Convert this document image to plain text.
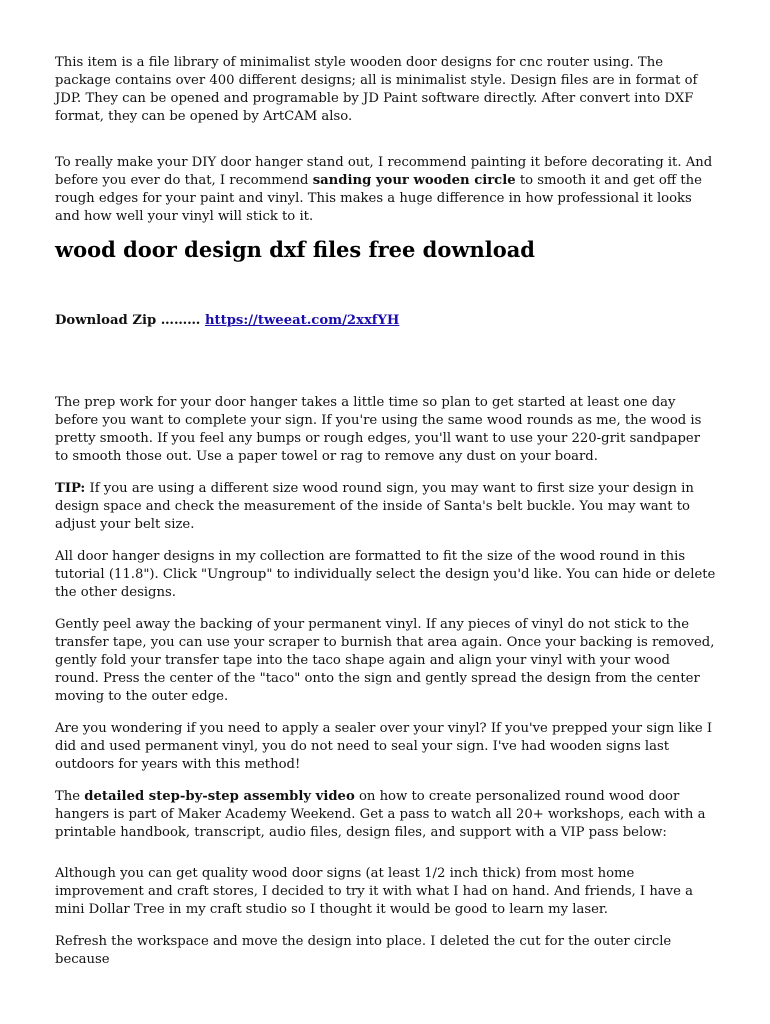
This item is a file library of minimalist style wooden door designs for cnc router using. The package contains over 400 different designs; all is minimalist style. Design files are in format of JDP. They can be opened and programable by JD Paint software directly. After convert into DXF format, they can be opened by ArtCAM also.

To really make your DIY door hanger stand out, I recommend painting it before decorating it. And before you ever do that, I recommend sanding your wooden circle to smooth it and get off the rough edges for your paint and vinyl. This makes a huge difference in how professional it looks and how well your vinyl will stick to it.

wood door design dxf files free download

Download Zip ……… https://tweeat.com/2xxfYH

The prep work for your door hanger takes a little time so plan to get started at least one day before you want to complete your sign. If you're using the same wood rounds as me, the wood is pretty smooth. If you feel any bumps or rough edges, you'll want to use your 220-grit sandpaper to smooth those out. Use a paper towel or rag to remove any dust on your board.

TIP: If you are using a different size wood round sign, you may want to first size your design in design space and check the measurement of the inside of Santa's belt buckle. You may want to adjust your belt size.

All door hanger designs in my collection are formatted to fit the size of the wood round in this tutorial (11.8"). Click "Ungroup" to individually select the design you'd like. You can hide or delete the other designs.

Gently peel away the backing of your permanent vinyl. If any pieces of vinyl do not stick to the transfer tape, you can use your scraper to burnish that area again. Once your backing is removed, gently fold your transfer tape into the taco shape again and align your vinyl with your wood round. Press the center of the "taco" onto the sign and gently spread the design from the center moving to the outer edge.

Are you wondering if you need to apply a sealer over your vinyl? If you've prepped your sign like I did and used permanent vinyl, you do not need to seal your sign. I've had wooden signs last outdoors for years with this method!

The detailed step-by-step assembly video on how to create personalized round wood door hangers is part of Maker Academy Weekend. Get a pass to watch all 20+ workshops, each with a printable handbook, transcript, audio files, design files, and support with a VIP pass below:

Although you can get quality wood door signs (at least 1/2 inch thick) from most home improvement and craft stores, I decided to try it with what I had on hand. And friends, I have a mini Dollar Tree in my craft studio so I thought it would be good to learn my laser.

Refresh the workspace and move the design into place. I deleted the cut for the outer circle because
